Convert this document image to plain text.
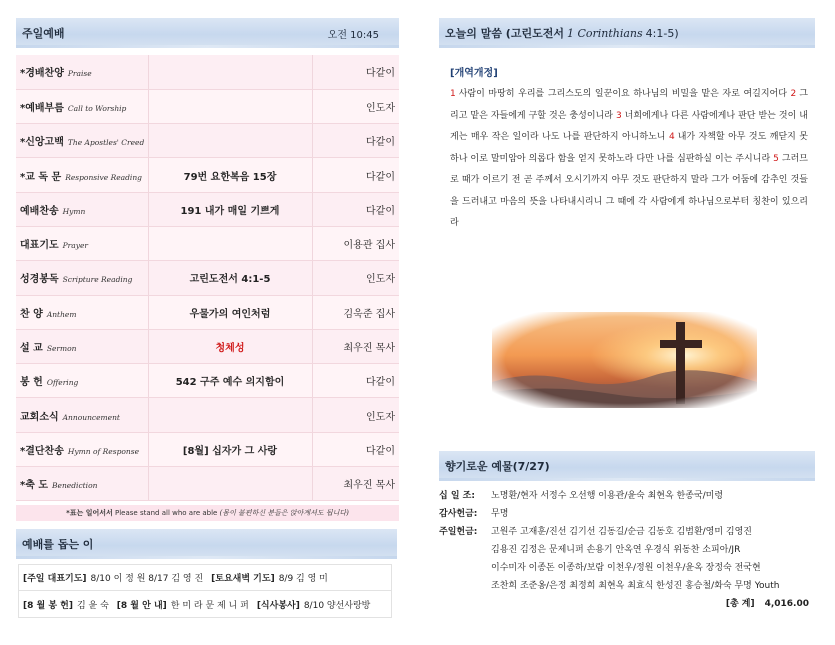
주일예배	오전 10:45
*경배찬양 Praise		다같이
*예배부름 Call to Worship		인도자
*신앙고백 The Apostles' Creed		다같이
*교 독 문 Responsive Reading	79번 요한복음 15장	다같이
예배찬송 Hymn	191 내가 매일 기쁘게	다같이
대표기도 Prayer		이용관 집사
성경봉독 Scripture Reading	고린도전서 4:1-5	인도자
찬 양 Anthem	우물가의 여인처럼	김욱준 집사
설 교 Sermon	청체성	최우진 목사
봉 헌 Offering	542 구주 예수 의지함이	다같이
교회소식 Announcement		인도자
*결단찬송 Hymn of Response	[8월] 십자가 그 사랑	다같이
*축 도 Benediction		최우진 목사
*표는 일어서서 Please stand all who are able (몸이 불편하신 분들은 앉아계셔도 됩니다)
예배를 돕는 이
[주일 대표기도] 8/10 이 정 원 8/17 김 영 진 [토요새벽 기도] 8/9 김 영 미
[8 월 봉 헌] 김 윤 숙 [8 월 안 내] 한 미 라 문 제 니 퍼 [식사봉사] 8/10 양선사랑방
오늘의 말씀 (고린도전서 1 Corinthians 4:1-5)
[개역개정]
1 사람이 마땅히 우리를 그리스도의 일꾼이요 하나님의 비밀을 맡은 자로 여길지어다 2 그리고 맡은 자들에게 구할 것은 충성이니라 3 너희에게나 다른 사람에게나 판단 받는 것이 내게는 매우 작은 일이라 나도 나를 판단하지 아니하노니 4 내가 자책할 아무 것도 깨닫지 못하나 이로 말미암아 의롭다 함을 얻지 못하노라 다만 나를 심판하실 이는 주시니라 5 그러므로 때가 이르기 전 곧 주께서 오시기까지 아무 것도 판단하지 말라 그가 어둠에 감추인 것들을 드러내고 마음의 뜻을 나타내시리니 그 때에 각 사람에게 하나님으로부터 칭찬이 있으리라
향기로운 예물(7/27)
십 일 조:	노명환/현자 서정수 오선행 이용관/윤숙 최현옥 한종국/미령
감사헌금:	무명
주일헌금:	고원주 고재훈/진선 김기선 김동길/순금 김동호 김범환/영미 김영진
김용진 김정은 문제니퍼 손용기 안옥연 우경식 위동찬 소피아/JR
이수미자 이종돈 이종하/보람 이천우/정원 이천우/윤옥 장정숙 전국현
조찬희 조준옹/은정 최정희 최현옥 최효식 한성진 홍승철/화숙 무명 Youth
[총 계] 4,016.00
